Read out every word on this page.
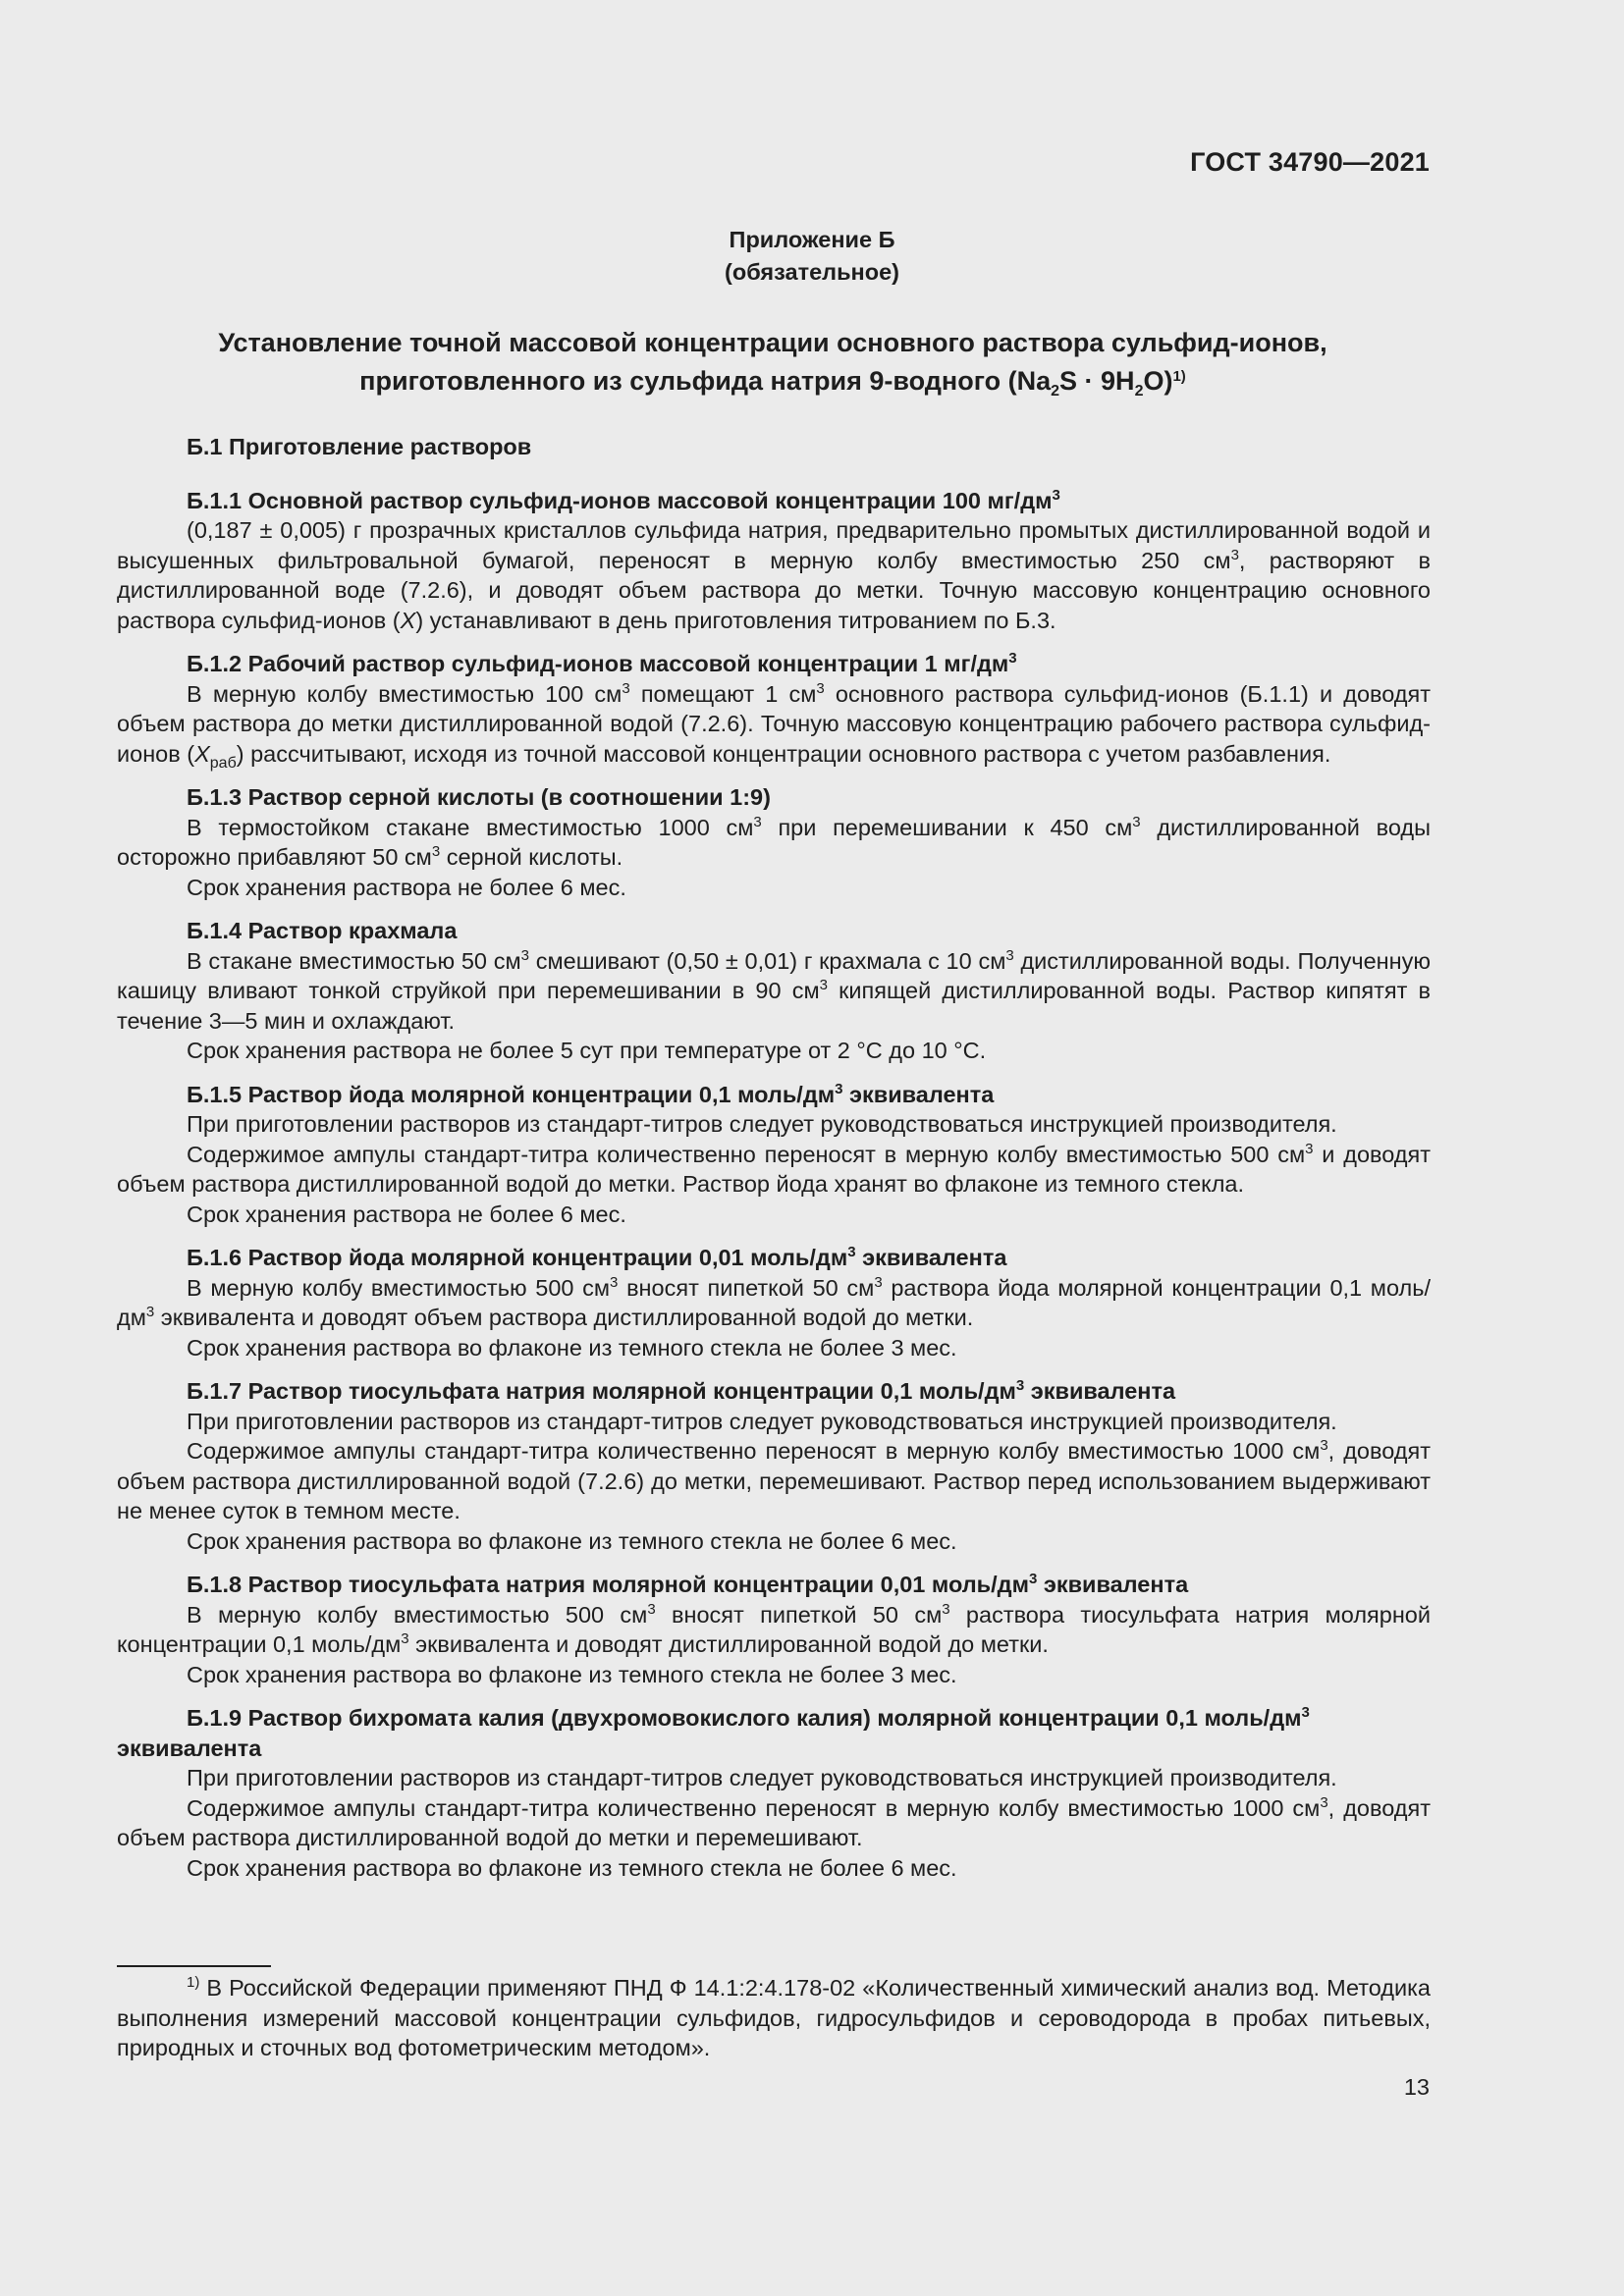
ГОСТ 34790—2021
Приложение Б
(обязательное)
Установление точной массовой концентрации основного раствора сульфид-ионов,
приготовленного из сульфида натрия 9-водного $(Na_2S \cdot 9H_2O)^{1)}$

Б.1 Приготовление растворов

Б.1.1 Основной раствор сульфид-ионов массовой концентрации 100 $мг/дм^3$

(0,187 ± 0,005) г прозрачных кристаллов сульфида натрия, предварительно промытых дистиллированной водой и высушенных фильтровальной бумагой, переносят в мерную колбу вместимостью 250 $см^3$, растворяют в дистиллированной воде (7.2.6), и доводят объем раствора до метки. Точную массовую концентрацию основного раствора сульфид-ионов (X) устанавливают в день приготовления титрованием по Б.3.

Б.1.2 Рабочий раствор сульфид-ионов массовой концентрации 1 $мг/дм^3$

В мерную колбу вместимостью 100 $см^3$ помещают 1 $см^3$ основного раствора сульфид-ионов (Б.1.1) и доводят объем раствора до метки дистиллированной водой (7.2.6). Точную массовую концентрацию рабочего раствора сульфид-ионов $(X_{раб})$ рассчитывают, исходя из точной массовой концентрации основного раствора с учетом разбавления.

Б.1.3 Раствор серной кислоты (в соотношении 1:9)

В термостойком стакане вместимостью 1000 $см^3$ при перемешивании к 450 $см^3$ дистиллированной воды осторожно прибавляют 50 $см^3$ серной кислоты.

Срок хранения раствора не более 6 мес.

Б.1.4 Раствор крахмала

В стакане вместимостью 50 $см^3$ смешивают (0,50 ± 0,01) г крахмала с 10 $см^3$ дистиллированной воды. Полученную кашицу вливают тонкой струйкой при перемешивании в 90 $см^3$ кипящей дистиллированной воды. Раствор кипятят в течение 3—5 мин и охлаждают.

Срок хранения раствора не более 5 сут при температуре от 2 °С до 10 °С.

Б.1.5 Раствор йода молярной концентрации 0,1 моль/$дм^3$ эквивалента

При приготовлении растворов из стандарт-титров следует руководствоваться инструкцией производителя.

Содержимое ампулы стандарт-титра количественно переносят в мерную колбу вместимостью 500 $см^3$ и доводят объем раствора дистиллированной водой до метки. Раствор йода хранят во флаконе из темного стекла.

Срок хранения раствора не более 6 мес.

Б.1.6 Раствор йода молярной концентрации 0,01 моль/$дм^3$ эквивалента

В мерную колбу вместимостью 500 $см^3$ вносят пипеткой 50 $см^3$ раствора йода молярной концентрации 0,1 моль/$дм^3$ эквивалента и доводят объем раствора дистиллированной водой до метки.

Срок хранения раствора во флаконе из темного стекла не более 3 мес.

Б.1.7 Раствор тиосульфата натрия молярной концентрации 0,1 моль/$дм^3$ эквивалента

При приготовлении растворов из стандарт-титров следует руководствоваться инструкцией производителя.

Содержимое ампулы стандарт-титра количественно переносят в мерную колбу вместимостью 1000 $см^3$, доводят объем раствора дистиллированной водой (7.2.6) до метки, перемешивают. Раствор перед использованием выдерживают не менее суток в темном месте.

Срок хранения раствора во флаконе из темного стекла не более 6 мес.

Б.1.8 Раствор тиосульфата натрия молярной концентрации 0,01 моль/$дм^3$ эквивалента

В мерную колбу вместимостью 500 $см^3$ вносят пипеткой 50 $см^3$ раствора тиосульфата натрия молярной концентрации 0,1 моль/$дм^3$ эквивалента и доводят дистиллированной водой до метки.

Срок хранения раствора во флаконе из темного стекла не более 3 мес.

Б.1.9 Раствор бихромата калия (двухромовокислого калия) молярной концентрации 0,1 моль/$дм^3$

эквивалента

При приготовлении растворов из стандарт-титров следует руководствоваться инструкцией производителя.

Содержимое ампулы стандарт-титра количественно переносят в мерную колбу вместимостью 1000 $см^3$, доводят объем раствора дистиллированной водой до метки и перемешивают.

Срок хранения раствора во флаконе из темного стекла не более 6 мес.

$^{1)}$ В Российской Федерации применяют ПНД Ф 14.1:2:4.178-02 «Количественный химический анализ вод. Методика выполнения измерений массовой концентрации сульфидов, гидросульфидов и сероводорода в пробах питьевых, природных и сточных вод фотометрическим методом».

13
